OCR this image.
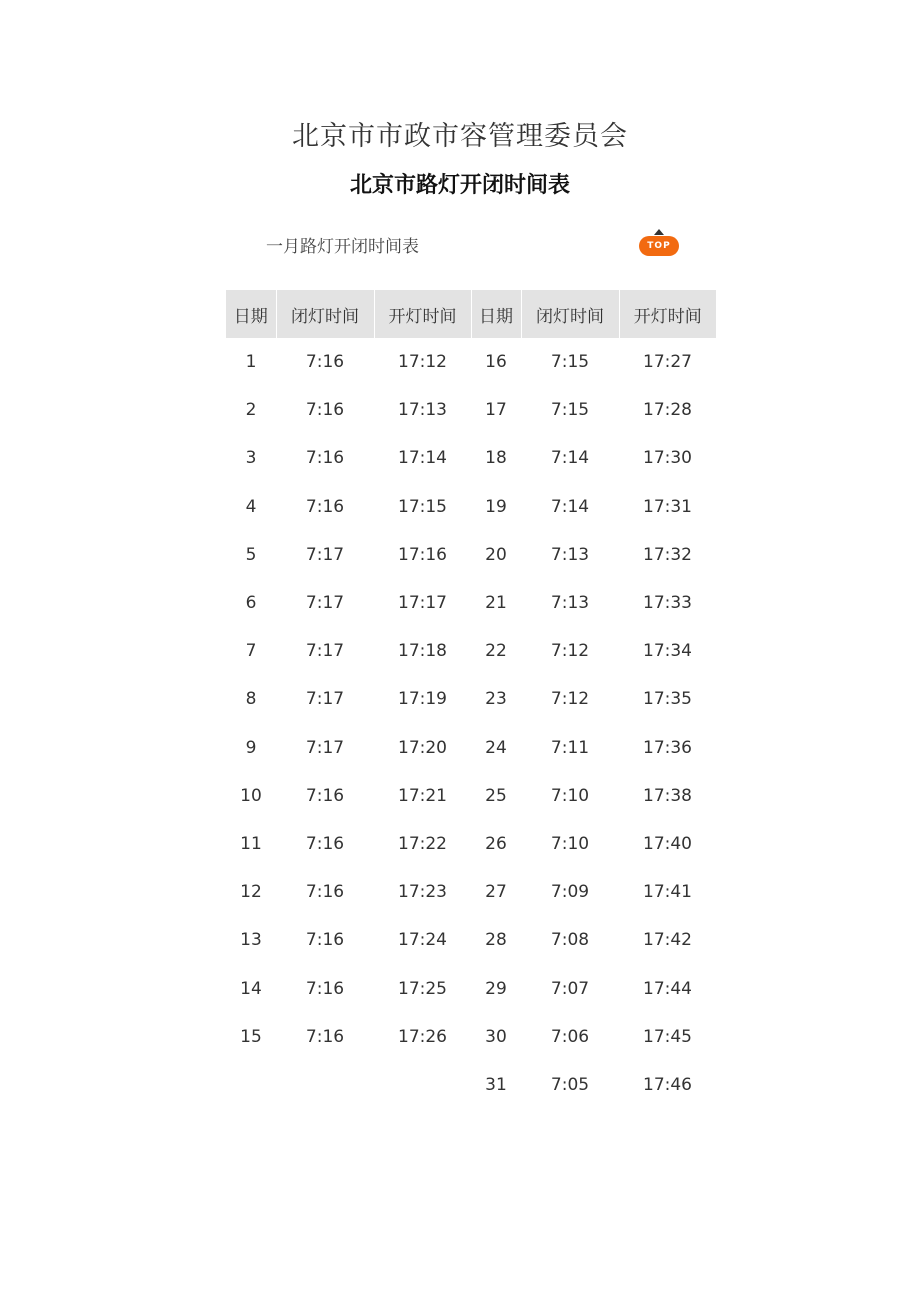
北京市市政市容管理委员会
北京市路灯开闭时间表
一月路灯开闭时间表	TOP
日期	闭灯时间	开灯时间	日期	闭灯时间	开灯时间
1	7:16	17:12	16	7:15	17:27
2	7:16	17:13	17	7:15	17:28
3	7:16	17:14	18	7:14	17:30
4	7:16	17:15	19	7:14	17:31
5	7:17	17:16	20	7:13	17:32
6	7:17	17:17	21	7:13	17:33
7	7:17	17:18	22	7:12	17:34
8	7:17	17:19	23	7:12	17:35
9	7:17	17:20	24	7:11	17:36
10	7:16	17:21	25	7:10	17:38
11	7:16	17:22	26	7:10	17:40
12	7:16	17:23	27	7:09	17:41
13	7:16	17:24	28	7:08	17:42
14	7:16	17:25	29	7:07	17:44
15	7:16	17:26	30	7:06	17:45
			31	7:05	17:46
